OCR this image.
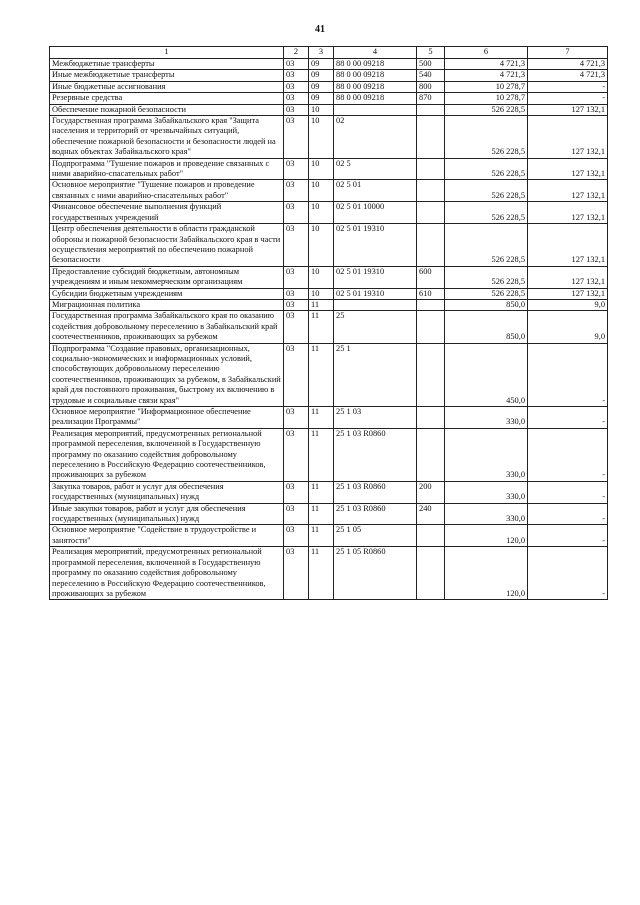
41
1	2	3	4	5	6	7
Межбюджетные трансферты	03	09	88 0 00 09218	500	4 721,3	4 721,3
Иные межбюджетные трансферты	03	09	88 0 00 09218	540	4 721,3	4 721,3
Иные бюджетные ассигнования	03	09	88 0 00 09218	800	10 278,7	-
Резервные средства	03	09	88 0 00 09218	870	10 278,7	-
Обеспечение пожарной безопасности	03	10			526 228,5	127 132,1
Государственная программа Забайкальского края "Защита населения и территорий от чрезвычайных ситуаций, обеспечение пожарной безопасности и безопасности людей на водных объектах Забайкальского края"	03	10	02		526 228,5	127 132,1
Подпрограмма "Тушение пожаров и проведение связанных с ними аварийно-спасательных работ"	03	10	02 5		526 228,5	127 132,1
Основное мероприятие "Тушение пожаров и проведение связанных с ними аварийно-спасательных работ"	03	10	02 5 01		526 228,5	127 132,1
Финансовое обеспечение выполнения функций государственных учреждений	03	10	02 5 01 10000		526 228,5	127 132,1
Центр обеспечения деятельности в области гражданской обороны и пожарной безопасности Забайкальского края в части осуществления мероприятий по обеспечению пожарной безопасности	03	10	02 5 01 19310		526 228,5	127 132,1
Предоставление субсидий бюджетным, автономным учреждениям и иным некоммерческим организациям	03	10	02 5 01 19310	600	526 228,5	127 132,1
Субсидии бюджетным учреждениям	03	10	02 5 01 19310	610	526 228,5	127 132,1
Миграционная политика	03	11			850,0	9,0
Государственная программа Забайкальского края по оказанию содействия добровольному переселению в Забайкальский край соотечественников, проживающих за рубежом	03	11	25		850,0	9,0
Подпрограмма "Создание правовых, организационных, социально-экономических и информационных условий, способствующих добровольному переселению соотечественников, проживающих за рубежом, в Забайкальский край для постоянного проживания, быстрому их включению в трудовые и социальные связи края"	03	11	25 1		450,0	-
Основное мероприятие "Информационное обеспечение реализации Программы"	03	11	25 1 03		330,0	-
Реализация мероприятий, предусмотренных региональной программой переселения, включенной в Государственную программу по оказанию содействия добровольному переселению в Российскую Федерацию соотечественников, проживающих за рубежом	03	11	25 1 03 R0860		330,0	-
Закупка товаров, работ и услуг для обеспечения государственных (муниципальных) нужд	03	11	25 1 03 R0860	200	330,0	-
Иные закупки товаров, работ и услуг для обеспечения государственных (муниципальных) нужд	03	11	25 1 03 R0860	240	330,0	-
Основное мероприятие "Содействие в трудоустройстве и занятости"	03	11	25 1 05		120,0	-
Реализация мероприятий, предусмотренных региональной программой переселения, включенной в Государственную программу по оказанию содействия добровольному переселению в Российскую Федерацию соотечественников, проживающих за рубежом	03	11	25 1 05 R0860		120,0	-
